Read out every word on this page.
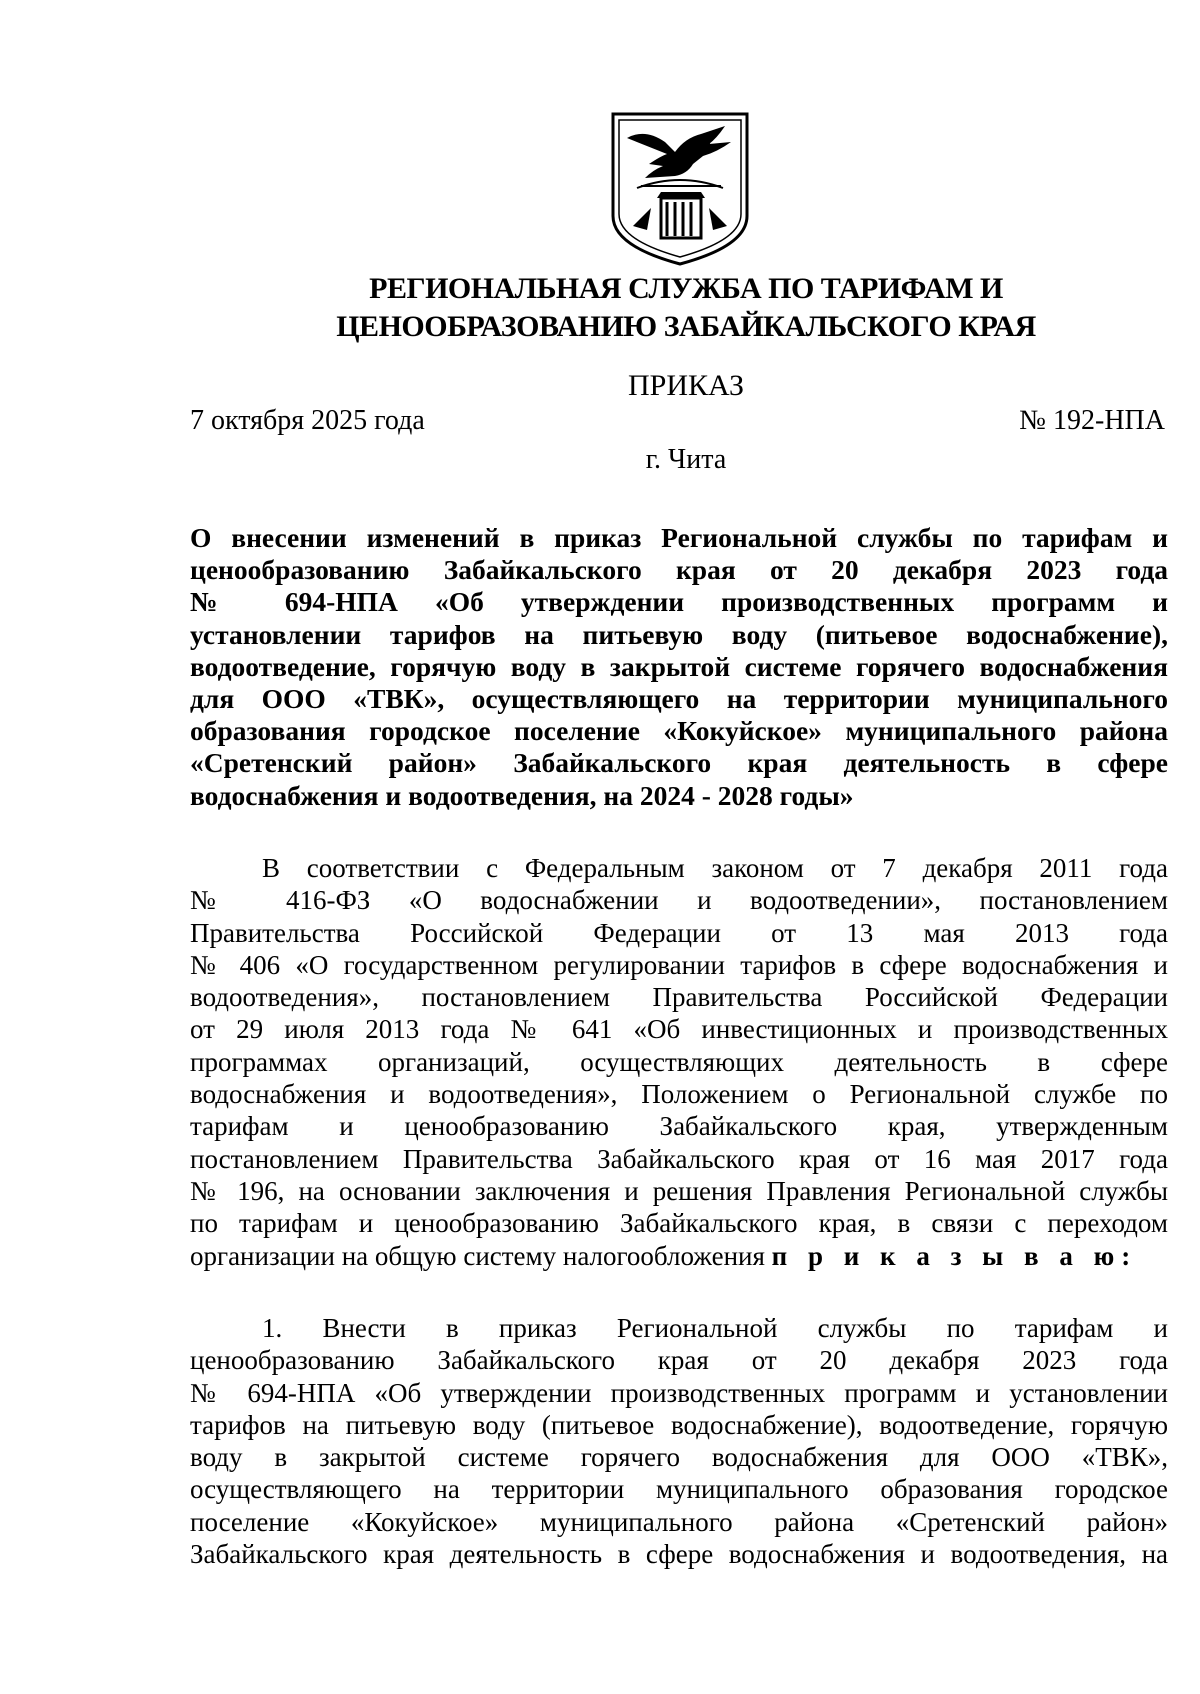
РЕГИОНАЛЬНАЯ СЛУЖБА ПО ТАРИФАМ И
ЦЕНООБРАЗОВАНИЮ ЗАБАЙКАЛЬСКОГО КРАЯ
ПРИКАЗ
7 октября 2025 года	№ 192-НПА
г. Чита
О внесении изменений в приказ Региональной службы по тарифам и
ценообразованию Забайкальского края от 20 декабря 2023 года
№ 694-НПА «Об утверждении производственных программ и
установлении тарифов на питьевую воду (питьевое водоснабжение),
водоотведение, горячую воду в закрытой системе горячего водоснабжения
для ООО «ТВК», осуществляющего на территории муниципального
образования городское поселение «Кокуйское» муниципального района
«Сретенский район» Забайкальского края деятельность в сфере
водоснабжения и водоотведения, на 2024 - 2028 годы»
В соответствии с Федеральным законом от 7 декабря 2011 года
№ 416-ФЗ «О водоснабжении и водоотведении», постановлением
Правительства Российской Федерации от 13 мая 2013 года
№ 406 «О государственном регулировании тарифов в сфере водоснабжения и
водоотведения», постановлением Правительства Российской Федерации
от 29 июля 2013 года № 641 «Об инвестиционных и производственных
программах организаций, осуществляющих деятельность в сфере
водоснабжения и водоотведения», Положением о Региональной службе по
тарифам и ценообразованию Забайкальского края, утвержденным
постановлением Правительства Забайкальского края от 16 мая 2017 года
№ 196, на основании заключения и решения Правления Региональной службы
по тарифам и ценообразованию Забайкальского края, в связи с переходом
организации на общую систему налогообложения п р и к а з ы в а ю:
1. Внести в приказ Региональной службы по тарифам и
ценообразованию Забайкальского края от 20 декабря 2023 года
№ 694-НПА «Об утверждении производственных программ и установлении
тарифов на питьевую воду (питьевое водоснабжение), водоотведение, горячую
воду в закрытой системе горячего водоснабжения для ООО «ТВК»,
осуществляющего на территории муниципального образования городское
поселение «Кокуйское» муниципального района «Сретенский район»
Забайкальского края деятельность в сфере водоснабжения и водоотведения, на
